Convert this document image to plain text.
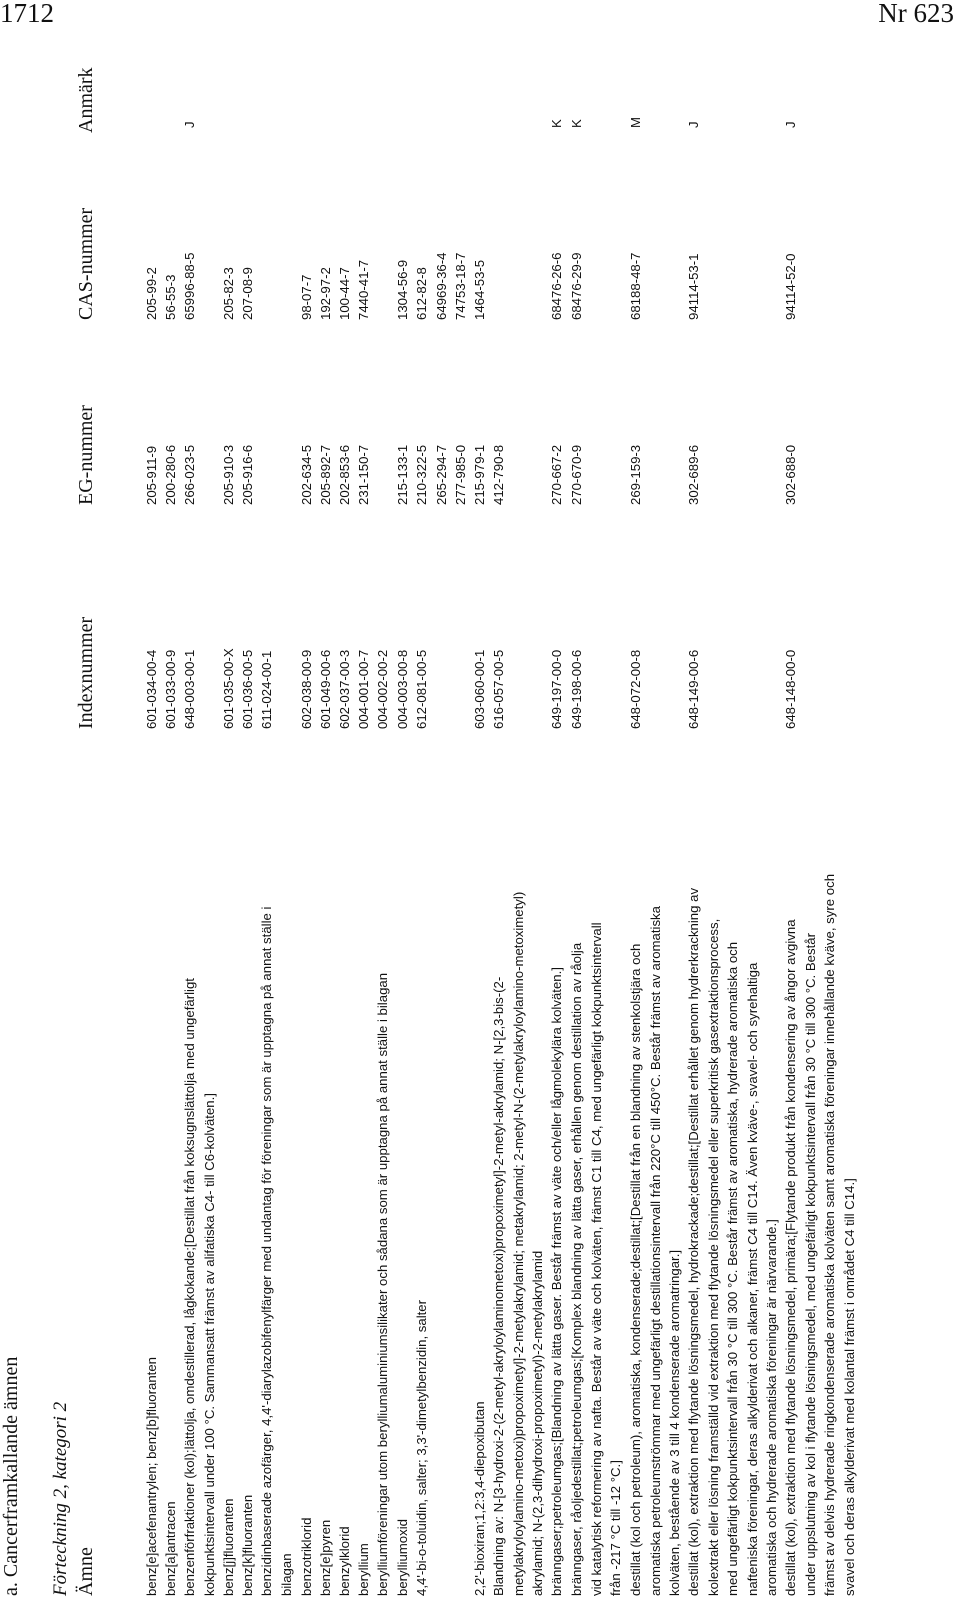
1712	Nr 623
a. Cancerframkallande ämnen Förteckning 2, kategori 2 Ämne
Indexnummer
EG-nummer
CAS-nummer
Anmärk
benz[e]acefenantrylen; benz[b]fluoranten
601-034-00-4
205-911-9
205-99-2

benz[a]antracen
601-033-00-9
200-280-6
56-55-3

benzenförfraktioner (kol);lättolja, omdestillerad, lågkokande;[Destillat från koksugnslättolja med ungefärligt kokpunktsintervall under 100 °C. Sammansatt främst av alifatiska C4- till C6-kolväten.]
648-003-00-1
266-023-5
65996-88-5
J
benz[j]fluoranten
601-035-00-X
205-910-3
205-82-3

benz[k]fluoranten
601-036-00-5
205-916-6
207-08-9

benzidinbaserade azofärger, 4,4'-diarylazobifenylfärger med undantag för föreningar som är upptagna på annat ställe i bilagan
611-024-00-1

benzotriklorid
602-038-00-9
202-634-5
98-07-7

benz[e]pyren
601-049-00-6
205-892-7
192-97-2

benzylklorid
602-037-00-3
202-853-6
100-44-7

beryllium
004-001-00-7
231-150-7
7440-41-7

berylliumföreningar utom berylliumaluminiumsilikater och sådana som är upptagna på annat ställe i bilagan
004-002-00-2

berylliumoxid
004-003-00-8
215-133-1
1304-56-9

4,4'-bi-o-toluidin, salter; 3,3'-dimetylbenzidin, salter
612-081-00-5
210-322-5 265-294-7 277-985-0
612-82-8 64969-36-4 74753-18-7

2,2'-bioxiran;1,2:3,4-diepoxibutan
603-060-00-1
215-979-1
1464-53-5

Blandning av: N-[3-hydroxi-2-(2-metyl-akryloylaminometoxi)propoximetyl]-2-metyl-akrylamid; N-[2,3-bis-(2- metylakryloylamino-metoxi)propoximetyl]-2-metylakrylamid; metakrylamid; 2-metyl-N-(2-metylakryloylamino-metoximetyl) akrylamid; N-(2,3-dihydroxi-propoximetyl)-2-metylakrylamid
616-057-00-5
412-790-8

bränngaser;petroleumgas;[Blandning av lätta gaser. Består främst av väte och/eller lågmolekylära kolväten.]
649-197-00-0
270-667-2
68476-26-6
K
bränngaser, råoljedestillat;petroleumgas;[Komplex blandning av lätta gaser, erhållen genom destillation av råolja vid katalytisk reformering av nafta. Består av väte och kolväten, främst C1 till C4, med ungefärligt kokpunktsintervall från -217 °C till -12 °C.]
649-198-00-6
270-670-9
68476-29-9
K
destillat (kol och petroleum), aromatiska, kondenserade;destillat;[Destillat från en blandning av stenkolstjära och aromatiska petroleumströmmar med ungefärligt destillationsintervall från 220°C till 450°C. Består främst av aromatiska kolväten, bestående av 3 till 4 kondenserade aromatringar.]
648-072-00-8
269-159-3
68188-48-7
M
destillat (kol), extraktion med flytande lösningsmedel, hydrokrackade;destillat;[Destillat erhållet genom hydrerkrackning av kolextrakt eller lösning framställd vid extraktion med flytande lösningsmedel eller superkritisk gasextraktionsprocess, med ungefärligt kokpunktsintervall från 30 °C till 300 °C. Består främst av aromatiska, hydrerade aromatiska och nafteniska föreningar, deras alkylderivat och alkaner, främst C4 till C14. Även kväve-, svavel- och syrehaltiga aromatiska och hydrerade aromatiska föreningar är närvarande.]
648-149-00-6
302-689-6
94114-53-1
J
destillat (kol), extraktion med flytande lösningsmedel, primära;[Flytande produkt från kondensering av ångor avgivna under uppslutning av kol i flytande lösningsmedel, med ungefärligt kokpunktsintervall från 30 °C till 300 °C. Består främst av delvis hydrerade ringkondenserade aromatiska kolväten samt aromatiska föreningar innehållande kväve, syre och svavel och deras alkylderivat med kolantal främst i området C4 till C14.]
648-148-00-0
302-688-0
94114-52-0
J
